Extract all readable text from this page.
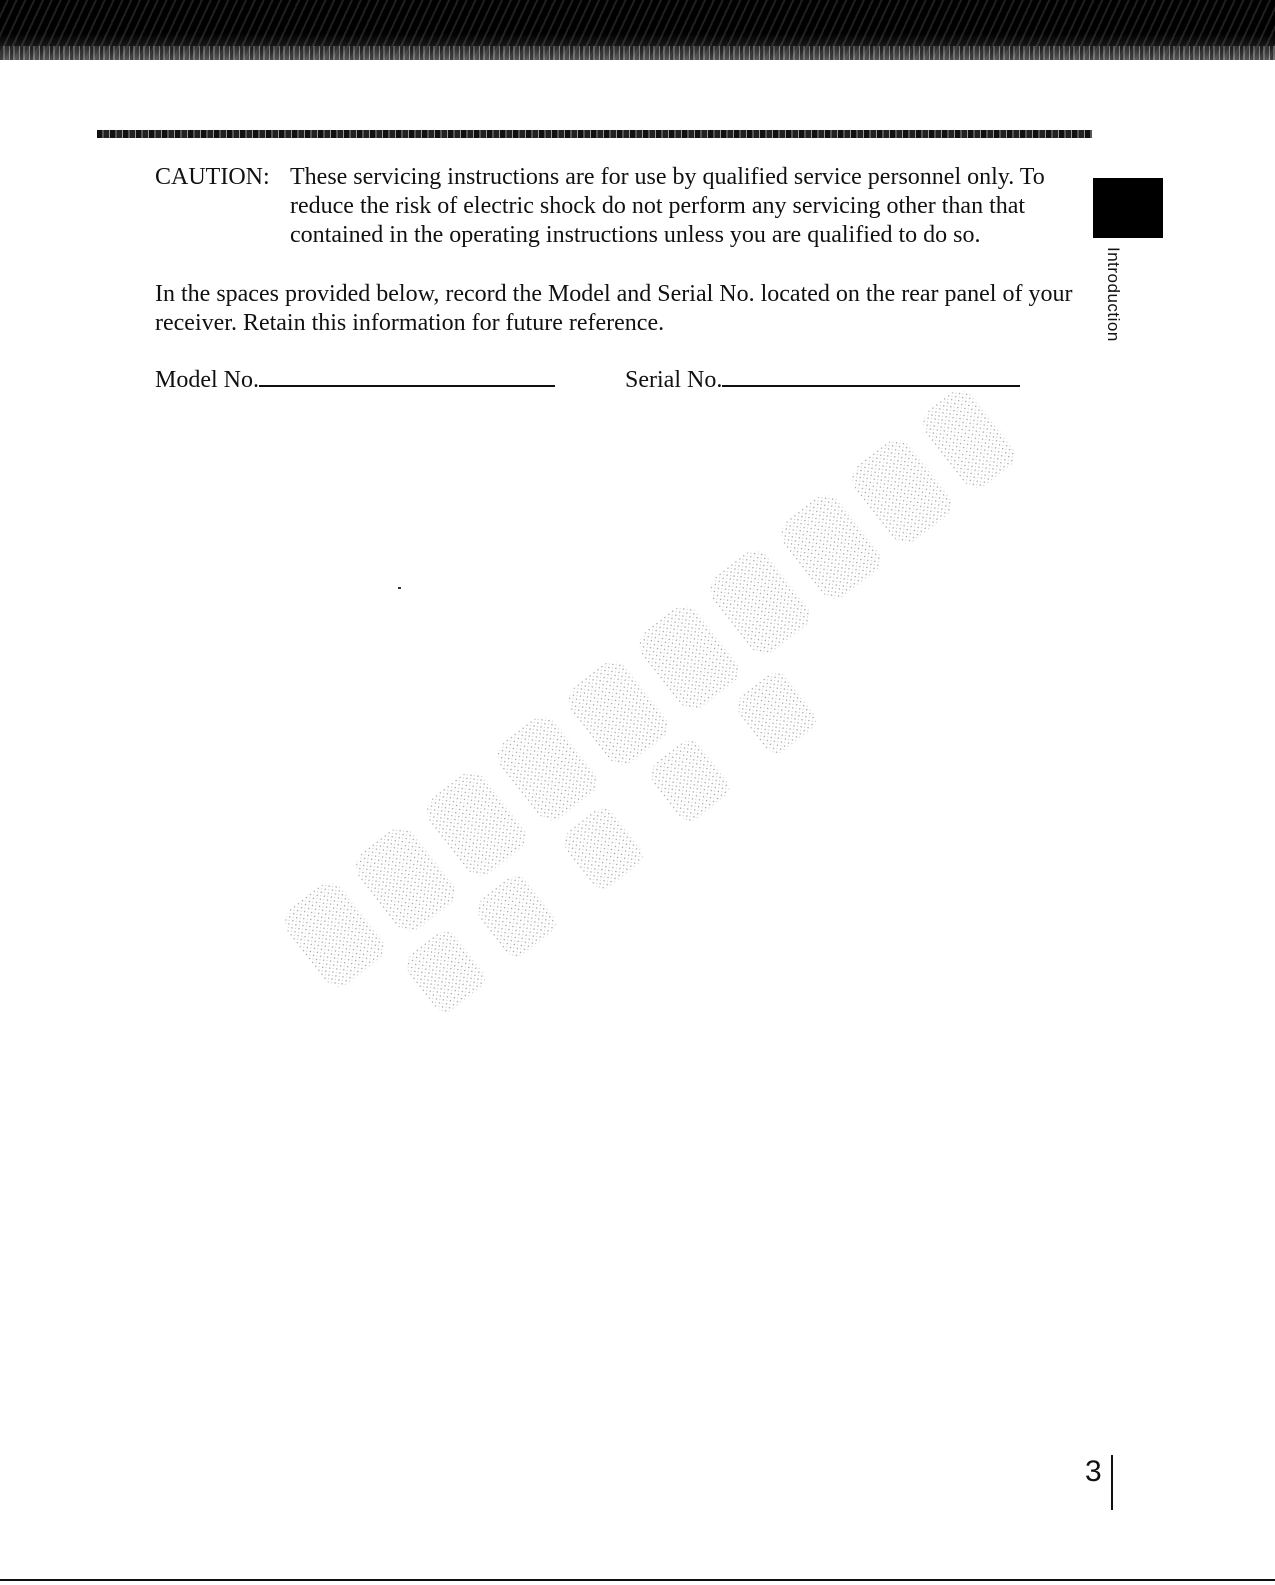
CAUTION: These servicing instructions are for use by qualified service personnel only. To reduce the risk of electric shock do not perform any servicing other than that contained in the operating instructions unless you are qualified to do so.
In the spaces provided below, record the Model and Serial No. located on the rear panel of your receiver. Retain this information for future reference.
Model No.	Serial No.
Introduction
3
